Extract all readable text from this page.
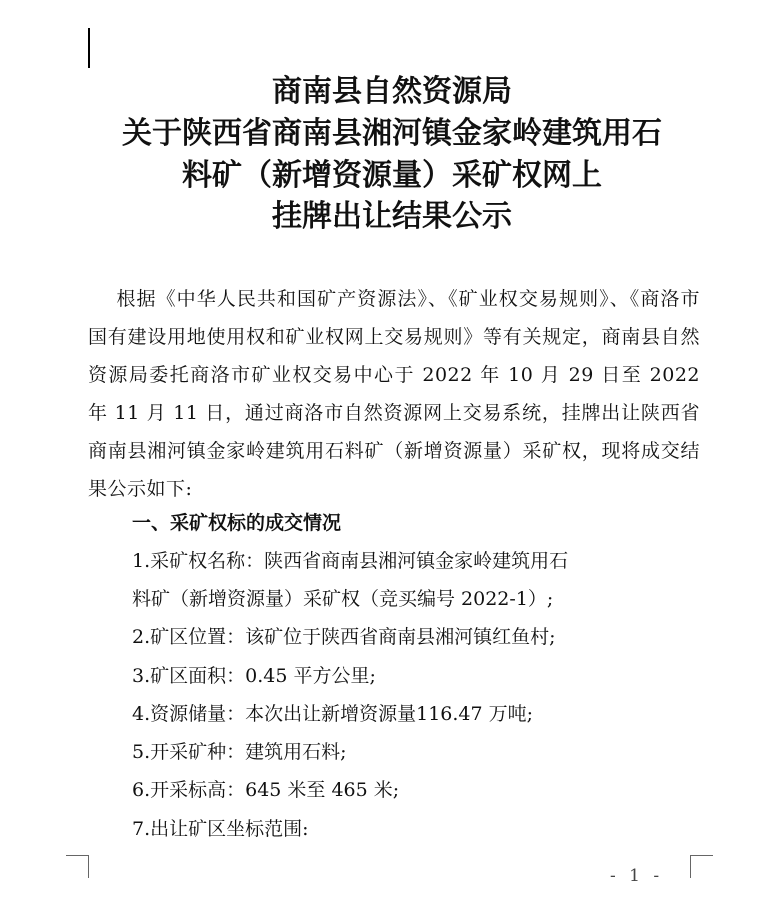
商南县自然资源局
关于陕西省商南县湘河镇金家岭建筑用石
料矿（新增资源量）采矿权网上
挂牌出让结果公示

根据《中华人民共和国矿产资源法》、《矿业权交易规则》、《商洛市国有建设用地使用权和矿业权网上交易规则》等有关规定，商南县自然资源局委托商洛市矿业权交易中心于 2022 年 10 月 29 日至 2022 年 11 月 11 日，通过商洛市自然资源网上交易系统，挂牌出让陕西省商南县湘河镇金家岭建筑用石料矿（新增资源量）采矿权，现将成交结果公示如下:

一、采矿权标的成交情况
1.采矿权名称：陕西省商南县湘河镇金家岭建筑用石
料矿（新增资源量）采矿权（竞买编号 2022-1）;
2.矿区位置：该矿位于陕西省商南县湘河镇红鱼村;
3.矿区面积：0.45 平方公里;
4.资源储量：本次出让新增资源量116.47 万吨;
5.开采矿种：建筑用石料;
6.开采标高：645 米至 465 米;
7.出让矿区坐标范围:
- 1 -
